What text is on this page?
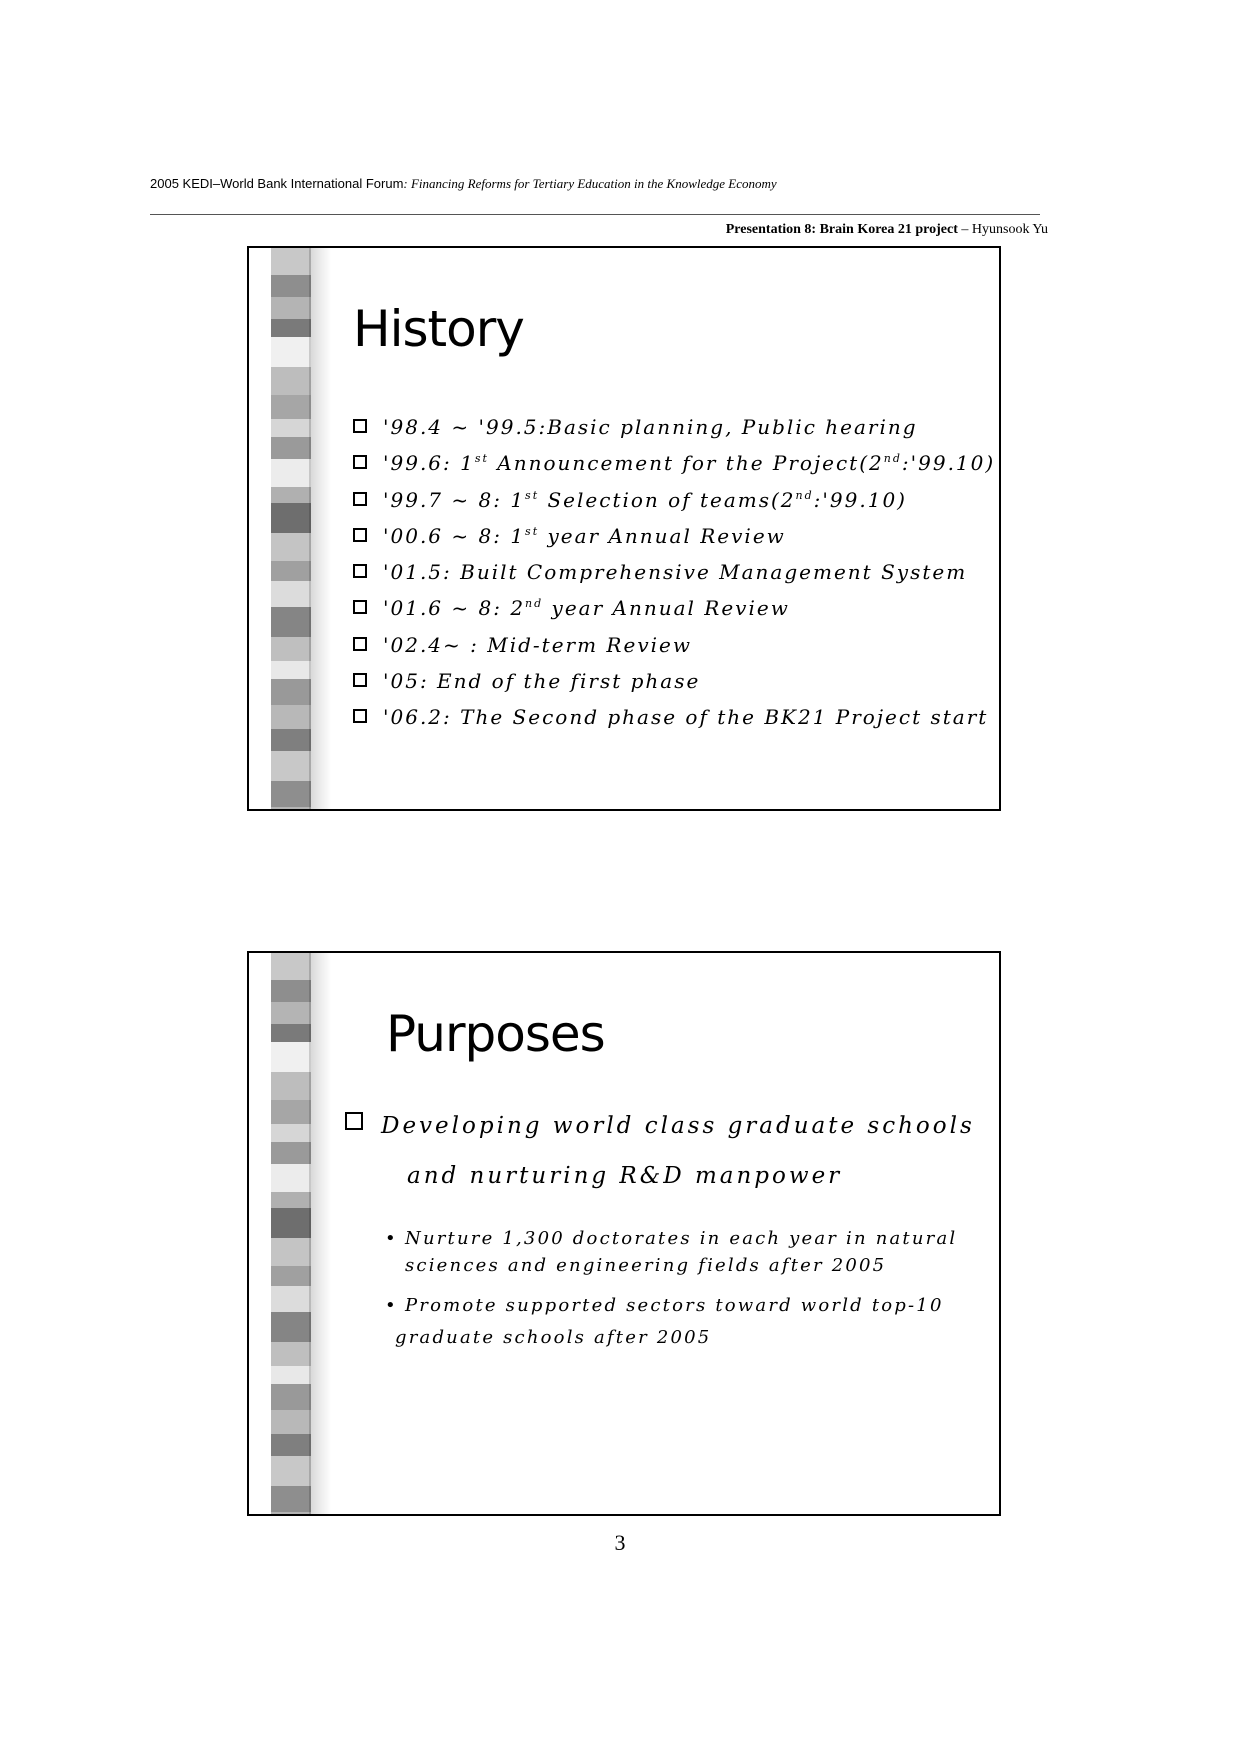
2005 KEDI–World Bank International Forum: Financing Reforms for Tertiary Education in the Knowledge Economy
Presentation 8: Brain Korea 21 project – Hyunsook Yu
History
'98.4 ~ '99.5:Basic planning, Public hearing
'99.6: 1st Announcement for the Project(2nd:'99.10)
'99.7 ~ 8: 1st Selection of teams(2nd:'99.10)
'00.6 ~ 8: 1st year Annual Review
'01.5: Built Comprehensive Management System
'01.6 ~ 8: 2nd year Annual Review
'02.4~ : Mid-term Review
'05: End of the first phase
'06.2: The Second phase of the BK21 Project start
Purposes
Developing world class graduate schools
and nurturing R&D manpower
• Nurture 1,300 doctorates in each year in natural
sciences and engineering fields after 2005
• Promote supported sectors toward world top-10
graduate schools after 2005
3
